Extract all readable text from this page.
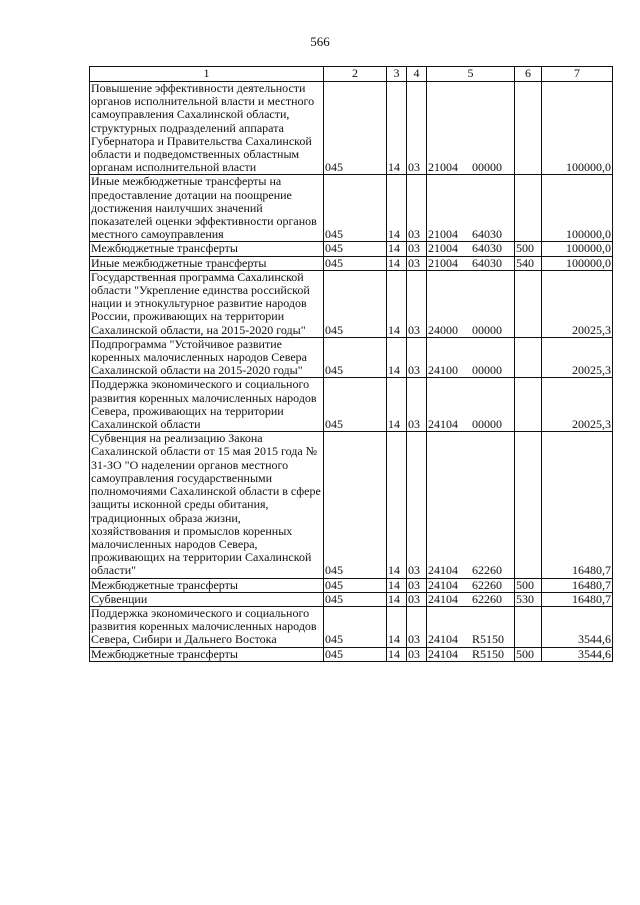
566
1	2	3	4	5	6	7
Повышение эффективности деятельности органов исполнительной власти и местного самоуправления Сахалинской области, структурных подразделений аппарата Губернатора и Правительства Сахалинской области и подведомственных областным органам исполнительной власти	045	14	03	21004 00000		100000,0
Иные межбюджетные трансферты на предоставление дотации на поощрение достижения наилучших значений показателей оценки эффективности органов местного самоуправления	045	14	03	21004 64030		100000,0
Межбюджетные трансферты	045	14	03	21004 64030	500	100000,0
Иные межбюджетные трансферты	045	14	03	21004 64030	540	100000,0
Государственная программа Сахалинской области "Укрепление единства российской нации и этнокультурное развитие народов России, проживающих на территории Сахалинской области, на 2015-2020 годы"	045	14	03	24000 00000		20025,3
Подпрограмма "Устойчивое развитие коренных малочисленных народов Севера Сахалинской области на 2015-2020 годы"	045	14	03	24100 00000		20025,3
Поддержка экономического и социального развития коренных малочисленных народов Севера, проживающих на территории Сахалинской области	045	14	03	24104 00000		20025,3
Субвенция на реализацию Закона Сахалинской области от 15 мая 2015 года № 31-ЗО "О наделении органов местного самоуправления государственными полномочиями Сахалинской области в сфере защиты исконной среды обитания, традиционных образа жизни, хозяйствования и промыслов коренных малочисленных народов Севера, проживающих на территории Сахалинской области"	045	14	03	24104 62260		16480,7
Межбюджетные трансферты	045	14	03	24104 62260	500	16480,7
Субвенции	045	14	03	24104 62260	530	16480,7
Поддержка экономического и социального развития коренных малочисленных народов Севера, Сибири и Дальнего Востока	045	14	03	24104 R5150		3544,6
Межбюджетные трансферты	045	14	03	24104 R5150	500	3544,6
